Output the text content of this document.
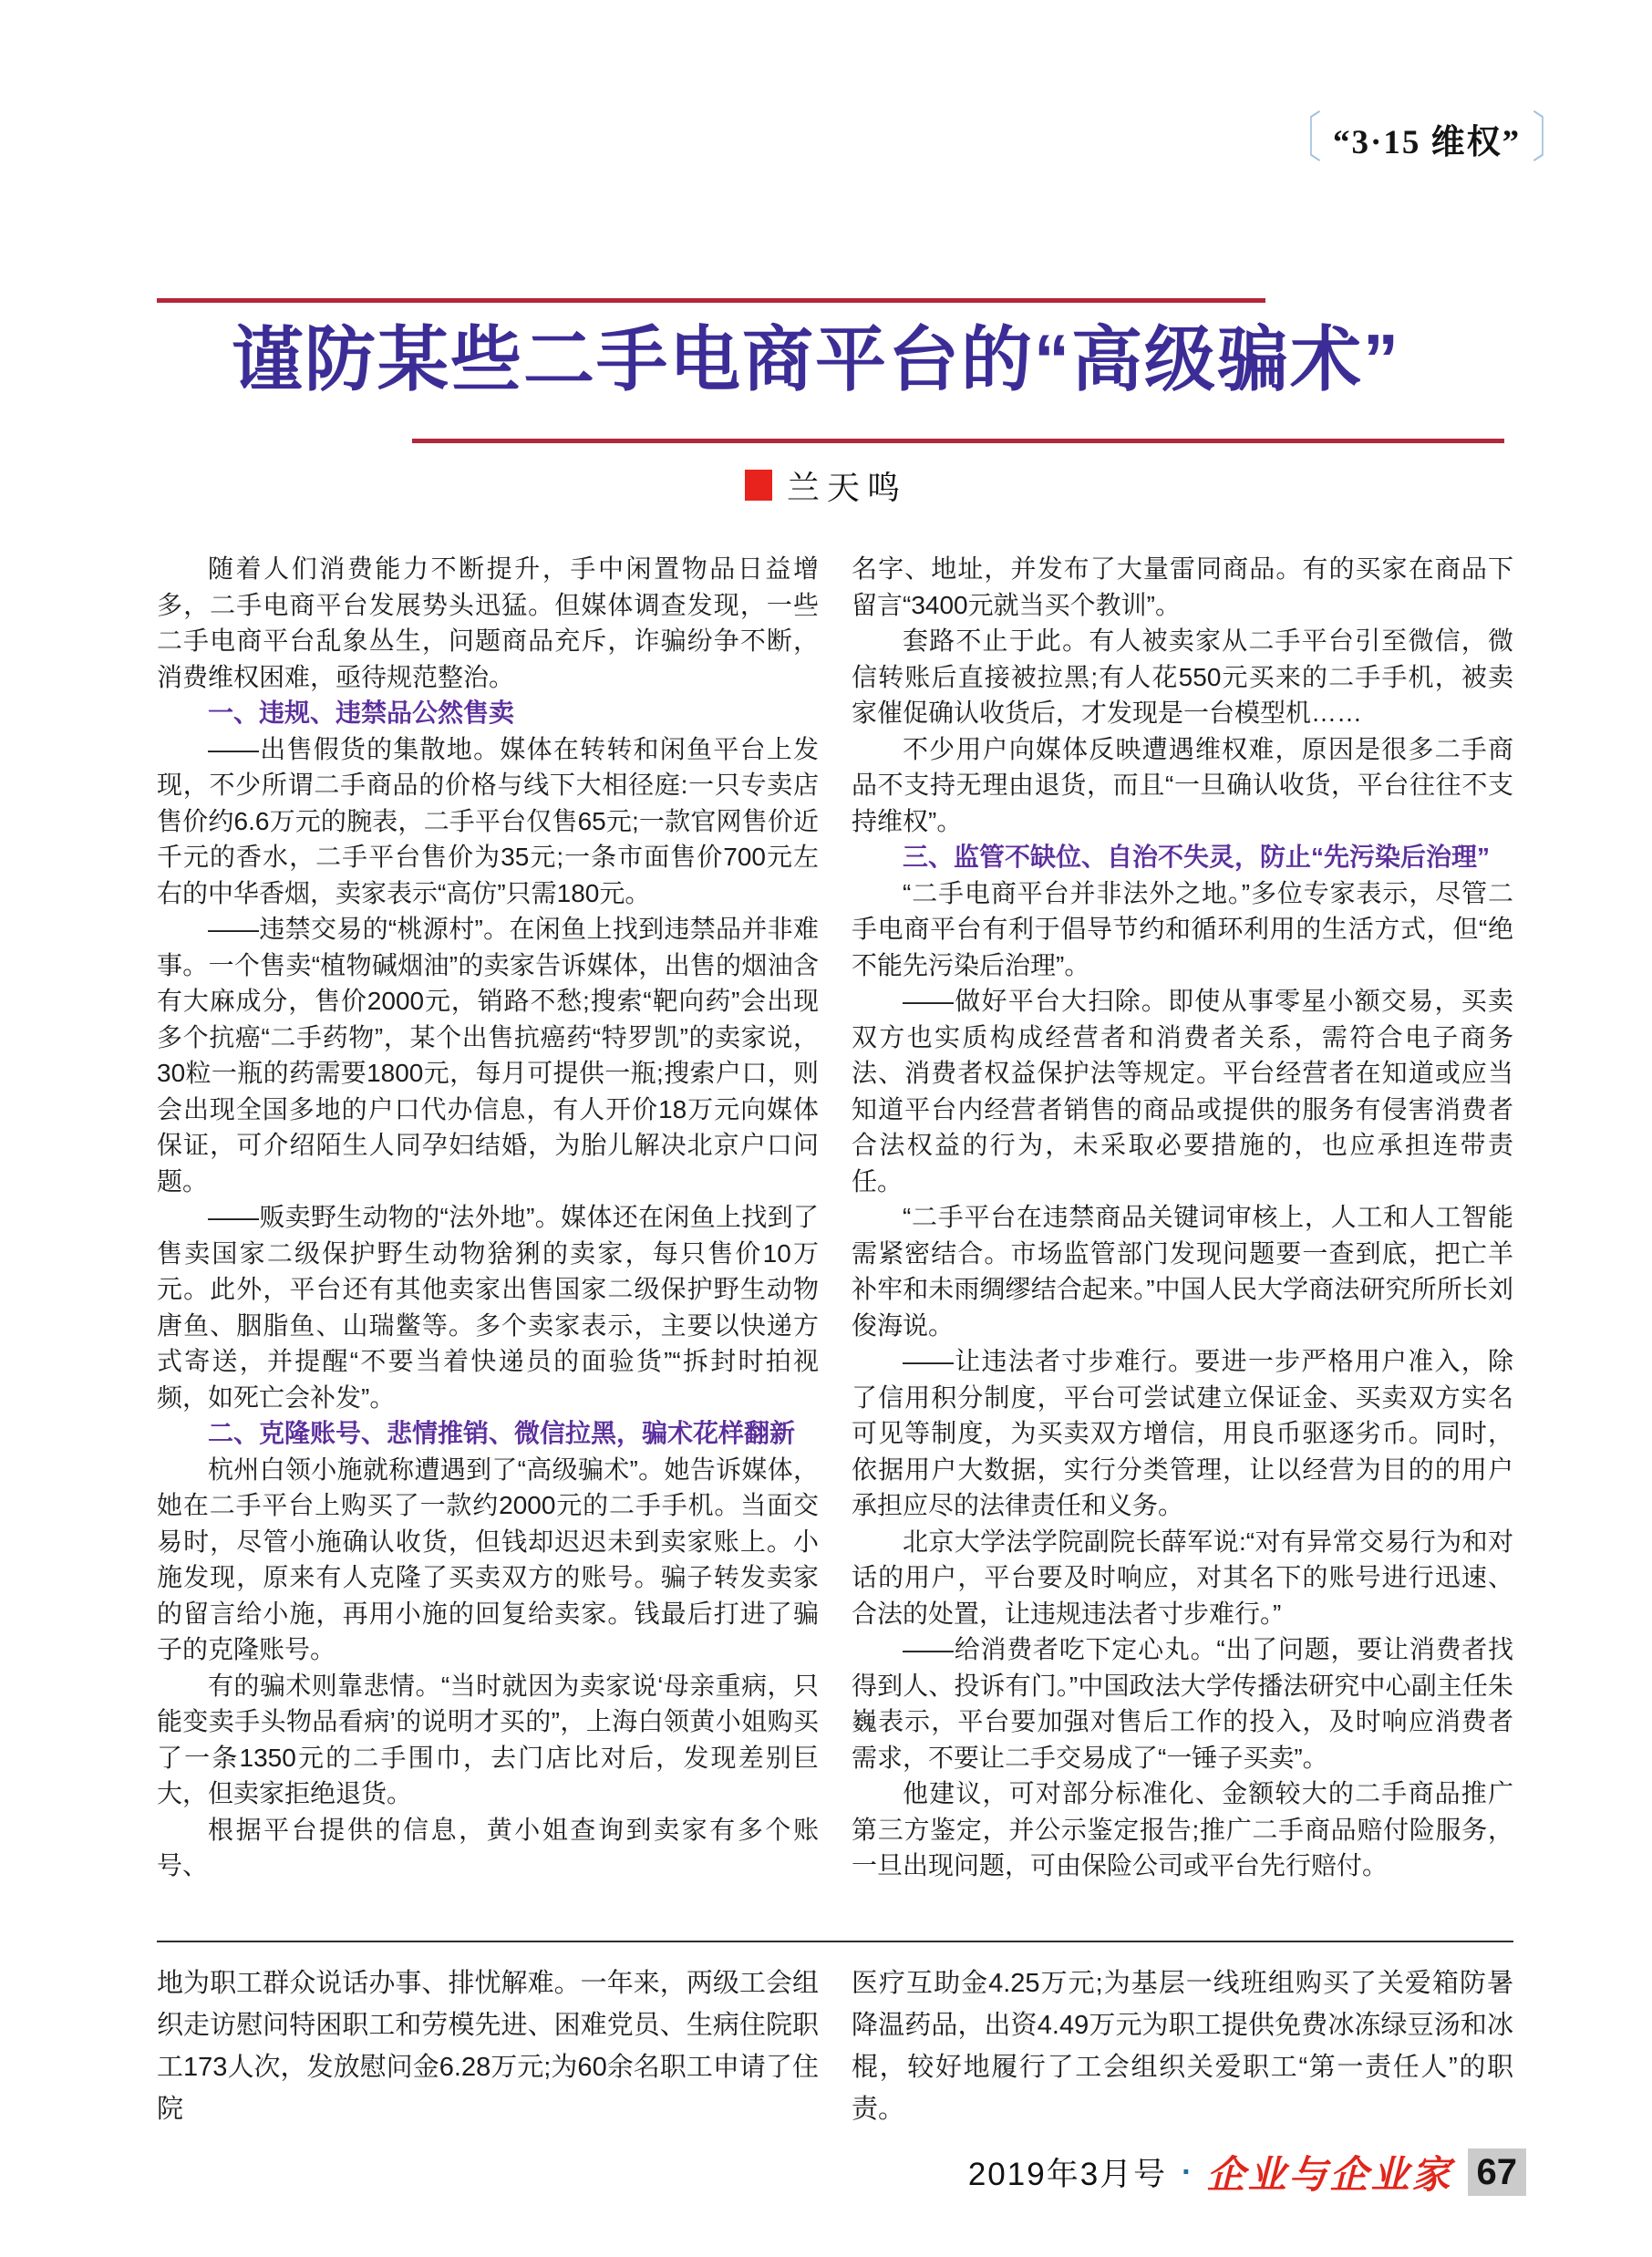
〔 “3·15 维权” 〕
谨防某些二手电商平台的“高级骗术”
兰天鸣

随着人们消费能力不断提升，手中闲置物品日益增多，二手电商平台发展势头迅猛。但媒体调查发现，一些二手电商平台乱象丛生，问题商品充斥，诈骗纷争不断，消费维权困难，亟待规范整治。

一、违规、违禁品公然售卖

——出售假货的集散地。媒体在转转和闲鱼平台上发现，不少所谓二手商品的价格与线下大相径庭:一只专卖店售价约6.6万元的腕表，二手平台仅售65元;一款官网售价近千元的香水，二手平台售价为35元;一条市面售价700元左右的中华香烟，卖家表示“高仿”只需180元。

——违禁交易的“桃源村”。在闲鱼上找到违禁品并非难事。一个售卖“植物碱烟油”的卖家告诉媒体，出售的烟油含有大麻成分，售价2000元，销路不愁;搜索“靶向药”会出现多个抗癌“二手药物”，某个出售抗癌药“特罗凯”的卖家说，30粒一瓶的药需要1800元，每月可提供一瓶;搜索户口，则会出现全国多地的户口代办信息，有人开价18万元向媒体保证，可介绍陌生人同孕妇结婚，为胎儿解决北京户口问题。

——贩卖野生动物的“法外地”。媒体还在闲鱼上找到了售卖国家二级保护野生动物猞猁的卖家，每只售价10万元。此外，平台还有其他卖家出售国家二级保护野生动物唐鱼、胭脂鱼、山瑞鳖等。多个卖家表示，主要以快递方式寄送，并提醒“不要当着快递员的面验货”“拆封时拍视频，如死亡会补发”。

二、克隆账号、悲情推销、微信拉黑，骗术花样翻新

杭州白领小施就称遭遇到了“高级骗术”。她告诉媒体，她在二手平台上购买了一款约2000元的二手手机。当面交易时，尽管小施确认收货，但钱却迟迟未到卖家账上。小施发现，原来有人克隆了买卖双方的账号。骗子转发卖家的留言给小施，再用小施的回复给卖家。钱最后打进了骗子的克隆账号。

有的骗术则靠悲情。“当时就因为卖家说‘母亲重病，只能变卖手头物品看病’的说明才买的”，上海白领黄小姐购买了一条1350元的二手围巾，去门店比对后，发现差别巨大，但卖家拒绝退货。

根据平台提供的信息，黄小姐查询到卖家有多个账号、

名字、地址，并发布了大量雷同商品。有的买家在商品下留言“3400元就当买个教训”。

套路不止于此。有人被卖家从二手平台引至微信，微信转账后直接被拉黑;有人花550元买来的二手手机，被卖家催促确认收货后，才发现是一台模型机……

不少用户向媒体反映遭遇维权难，原因是很多二手商品不支持无理由退货，而且“一旦确认收货，平台往往不支持维权”。

三、监管不缺位、自治不失灵，防止“先污染后治理”

“二手电商平台并非法外之地。”多位专家表示，尽管二手电商平台有利于倡导节约和循环利用的生活方式，但“绝不能先污染后治理”。

——做好平台大扫除。即使从事零星小额交易，买卖双方也实质构成经营者和消费者关系，需符合电子商务法、消费者权益保护法等规定。平台经营者在知道或应当知道平台内经营者销售的商品或提供的服务有侵害消费者合法权益的行为，未采取必要措施的，也应承担连带责任。

“二手平台在违禁商品关键词审核上，人工和人工智能需紧密结合。市场监管部门发现问题要一查到底，把亡羊补牢和未雨绸缪结合起来。”中国人民大学商法研究所所长刘俊海说。

——让违法者寸步难行。要进一步严格用户准入，除了信用积分制度，平台可尝试建立保证金、买卖双方实名可见等制度，为买卖双方增信，用良币驱逐劣币。同时，依据用户大数据，实行分类管理，让以经营为目的的用户承担应尽的法律责任和义务。

北京大学法学院副院长薛军说:“对有异常交易行为和对话的用户，平台要及时响应，对其名下的账号进行迅速、合法的处置，让违规违法者寸步难行。”

——给消费者吃下定心丸。“出了问题，要让消费者找得到人、投诉有门。”中国政法大学传播法研究中心副主任朱巍表示，平台要加强对售后工作的投入，及时响应消费者需求，不要让二手交易成了“一锤子买卖”。

他建议，可对部分标准化、金额较大的二手商品推广第三方鉴定，并公示鉴定报告;推广二手商品赔付险服务，一旦出现问题，可由保险公司或平台先行赔付。

地为职工群众说话办事、排忧解难。一年来，两级工会组织走访慰问特困职工和劳模先进、困难党员、生病住院职工173人次，发放慰问金6.28万元;为60余名职工申请了住院

医疗互助金4.25万元;为基层一线班组购买了关爱箱防暑降温药品，出资4.49万元为职工提供免费冰冻绿豆汤和冰棍，较好地履行了工会组织关爱职工“第一责任人”的职责。

2019年3月号 · 企业与企业家 67
